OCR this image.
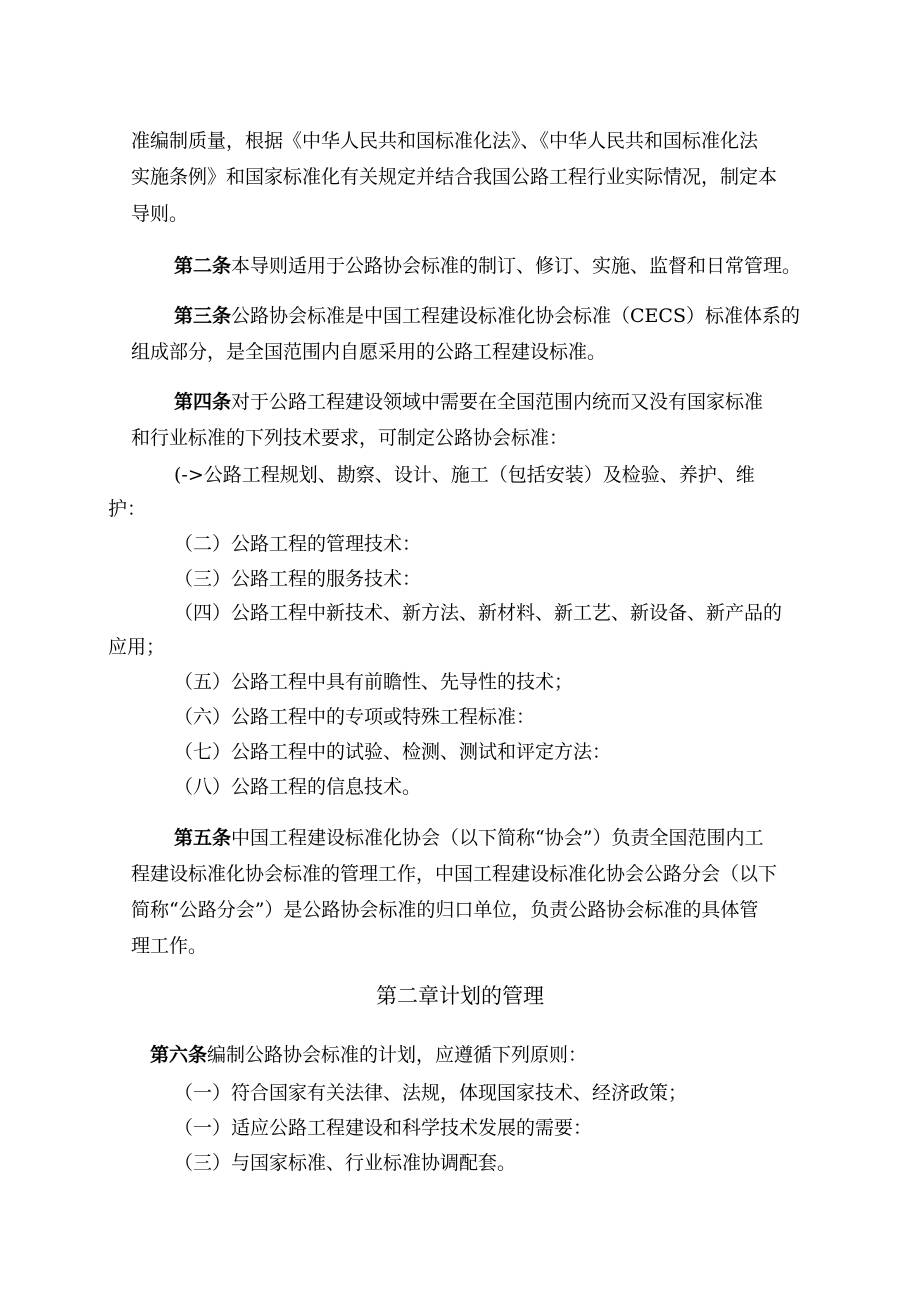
准编制质量，根据《中华人民共和国标准化法》、《中华人民共和国标准化法
实施条例》和国家标准化有关规定并结合我国公路工程行业实际情况，制定本
导则。
第二条本导则适用于公路协会标准的制订、修订、实施、监督和日常管理。
第三条公路协会标准是中国工程建设标准化协会标准（CECS）标准体系的
组成部分，是全国范围内自愿采用的公路工程建设标准。
第四条对于公路工程建设领域中需要在全国范围内统而又没有国家标准
和行业标准的下列技术要求，可制定公路协会标准：
(->公路工程规划、勘察、设计、施工（包括安装）及检验、养护、维
护：
（二）公路工程的管理技术：
（三）公路工程的服务技术：
（四）公路工程中新技术、新方法、新材料、新工艺、新设备、新产品的
应用；
（五）公路工程中具有前瞻性、先导性的技术；
（六）公路工程中的专项或特殊工程标准：
（七）公路工程中的试验、检测、测试和评定方法：
（八）公路工程的信息技术。
第五条中国工程建设标准化协会（以下简称“协会”）负责全国范围内工
程建设标准化协会标准的管理工作，中国工程建设标准化协会公路分会（以下
简称“公路分会”）是公路协会标准的归口单位，负责公路协会标准的具体管
理工作。
第二章计划的管理
第六条编制公路协会标准的计划，应遵循下列原则：
（一）符合国家有关法律、法规，体现国家技术、经济政策；
（一）适应公路工程建设和科学技术发展的需要：
（三）与国家标准、行业标准协调配套。
